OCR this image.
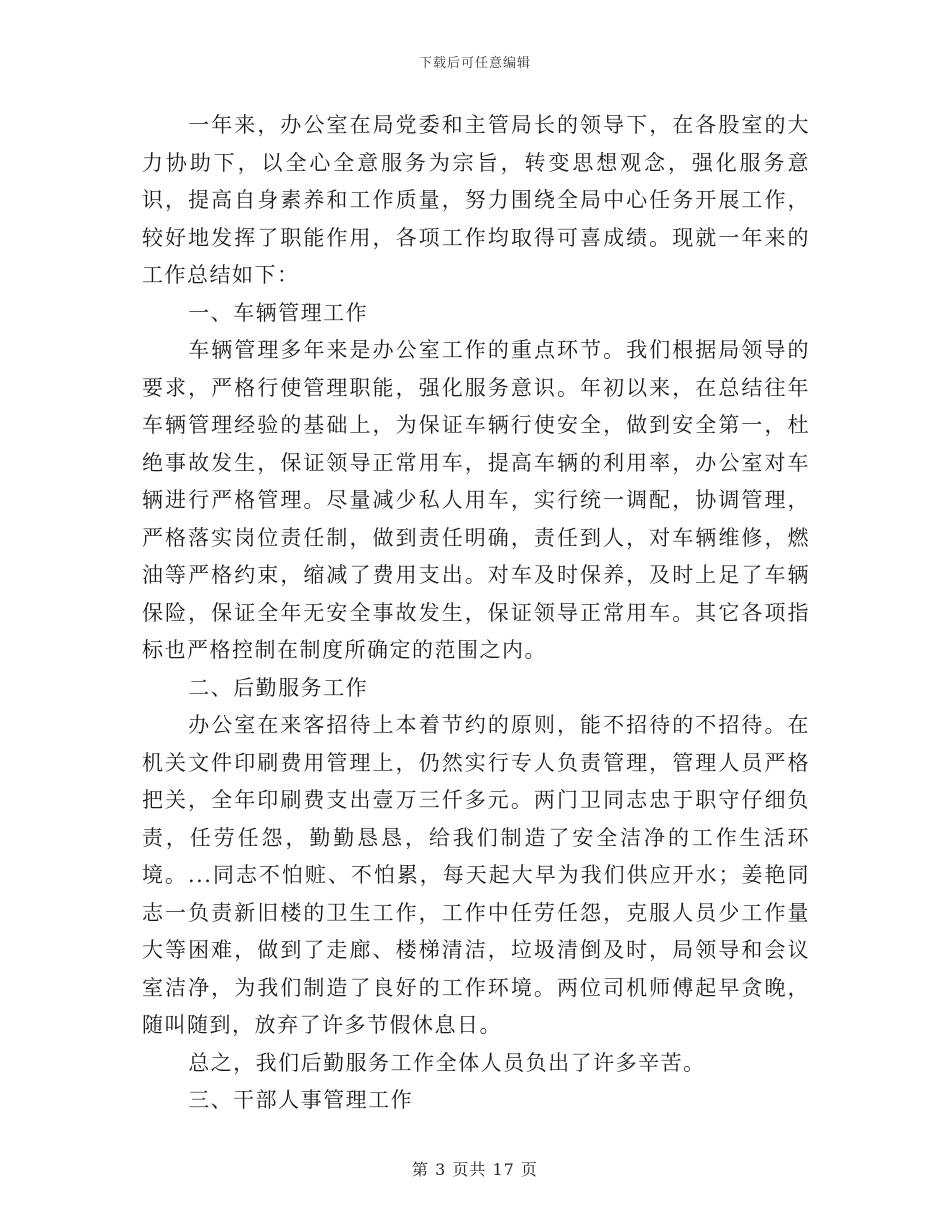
下载后可任意编辑

一年来，办公室在局党委和主管局长的领导下，在各股室的大力协助下，以全心全意服务为宗旨，转变思想观念，强化服务意识，提高自身素养和工作质量，努力围绕全局中心任务开展工作，较好地发挥了职能作用，各项工作均取得可喜成绩。现就一年来的工作总结如下：

一、车辆管理工作

车辆管理多年来是办公室工作的重点环节。我们根据局领导的要求，严格行使管理职能，强化服务意识。年初以来，在总结往年车辆管理经验的基础上，为保证车辆行使安全，做到安全第一，杜绝事故发生，保证领导正常用车，提高车辆的利用率，办公室对车辆进行严格管理。尽量减少私人用车，实行统一调配，协调管理，严格落实岗位责任制，做到责任明确，责任到人，对车辆维修，燃油等严格约束，缩减了费用支出。对车及时保养，及时上足了车辆保险，保证全年无安全事故发生，保证领导正常用车。其它各项指标也严格控制在制度所确定的范围之内。

二、后勤服务工作

办公室在来客招待上本着节约的原则，能不招待的不招待。在机关文件印刷费用管理上，仍然实行专人负责管理，管理人员严格把关，全年印刷费支出壹万三仟多元。两门卫同志忠于职守仔细负责，任劳任怨，勤勤恳恳，给我们制造了安全洁净的工作生活环境。...同志不怕赃、不怕累，每天起大早为我们供应开水；姜艳同志一负责新旧楼的卫生工作，工作中任劳任怨，克服人员少工作量大等困难，做到了走廊、楼梯清洁，垃圾清倒及时，局领导和会议室洁净，为我们制造了良好的工作环境。两位司机师傅起早贪晚，随叫随到，放弃了许多节假休息日。

总之，我们后勤服务工作全体人员负出了许多辛苦。

三、干部人事管理工作

第 3 页共 17 页
